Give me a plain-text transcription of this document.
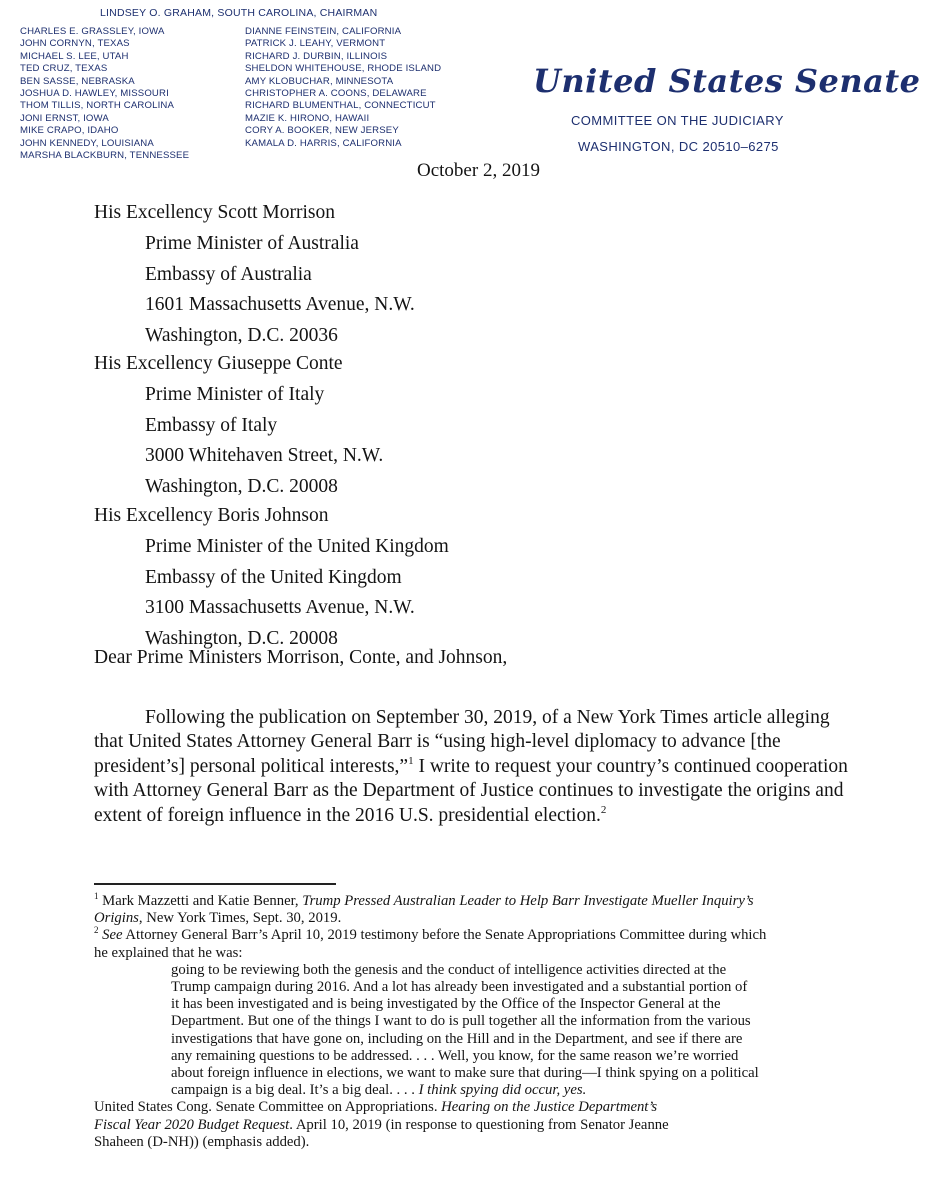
LINDSEY O. GRAHAM, SOUTH CAROLINA, CHAIRMAN
CHARLES E. GRASSLEY, IOWA
JOHN CORNYN, TEXAS
MICHAEL S. LEE, UTAH
TED CRUZ, TEXAS
BEN SASSE, NEBRASKA
JOSHUA D. HAWLEY, MISSOURI
THOM TILLIS, NORTH CAROLINA
JONI ERNST, IOWA
MIKE CRAPO, IDAHO
JOHN KENNEDY, LOUISIANA
MARSHA BLACKBURN, TENNESSEE
DIANNE FEINSTEIN, CALIFORNIA
PATRICK J. LEAHY, VERMONT
RICHARD J. DURBIN, ILLINOIS
SHELDON WHITEHOUSE, RHODE ISLAND
AMY KLOBUCHAR, MINNESOTA
CHRISTOPHER A. COONS, DELAWARE
RICHARD BLUMENTHAL, CONNECTICUT
MAZIE K. HIRONO, HAWAII
CORY A. BOOKER, NEW JERSEY
KAMALA D. HARRIS, CALIFORNIA
United States Senate
COMMITTEE ON THE JUDICIARY
WASHINGTON, DC 20510–6275
October 2, 2019
His Excellency Scott Morrison
Prime Minister of Australia
Embassy of Australia
1601 Massachusetts Avenue, N.W.
Washington, D.C. 20036
His Excellency Giuseppe Conte
Prime Minister of Italy
Embassy of Italy
3000 Whitehaven Street, N.W.
Washington, D.C. 20008
His Excellency Boris Johnson
Prime Minister of the United Kingdom
Embassy of the United Kingdom
3100 Massachusetts Avenue, N.W.
Washington, D.C. 20008
Dear Prime Ministers Morrison, Conte, and Johnson,
Following the publication on September 30, 2019, of a New York Times article alleging
that United States Attorney General Barr is “using high-level diplomacy to advance [the
president’s] personal political interests,”$^1$ I write to request your country’s continued cooperation
with Attorney General Barr as the Department of Justice continues to investigate the origins and
extent of foreign influence in the 2016 U.S. presidential election.$^2$
$^1$ Mark Mazzetti and Katie Benner, Trump Pressed Australian Leader to Help Barr Investigate Mueller Inquiry’s
Origins, New York Times, Sept. 30, 2019.
$^2$ See Attorney General Barr’s April 10, 2019 testimony before the Senate Appropriations Committee during which
he explained that he was:
going to be reviewing both the genesis and the conduct of intelligence activities directed at the
Trump campaign during 2016. And a lot has already been investigated and a substantial portion of
it has been investigated and is being investigated by the Office of the Inspector General at the
Department. But one of the things I want to do is pull together all the information from the various
investigations that have gone on, including on the Hill and in the Department, and see if there are
any remaining questions to be addressed. . . . Well, you know, for the same reason we’re worried
about foreign influence in elections, we want to make sure that during—I think spying on a political
campaign is a big deal. It’s a big deal. . . . I think spying did occur, yes.
United States Cong. Senate Committee on Appropriations. Hearing on the Justice Department’s
Fiscal Year 2020 Budget Request. April 10, 2019 (in response to questioning from Senator Jeanne
Shaheen (D-NH)) (emphasis added).
